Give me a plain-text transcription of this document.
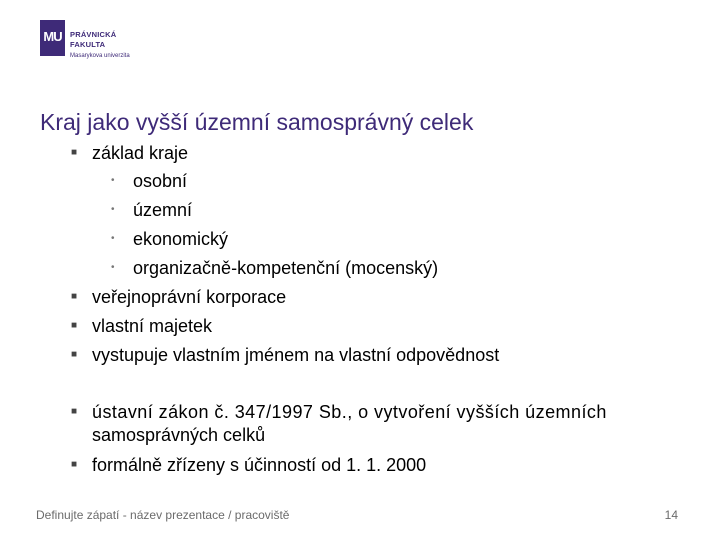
MU	PRÁVNICKÁ
FAKULTA
Masarykova univerzita
Kraj jako vyšší územní samosprávný celek
■ základ kraje
• osobní
• územní
• ekonomický
• organizačně-kompetenční (mocenský)
■ veřejnoprávní korporace
■ vlastní majetek
■ vystupuje vlastním jménem na vlastní odpovědnost
■ ústavní zákon č. 347/1997 Sb., o vytvoření vyšších územních
samosprávných celků
■ formálně zřízeny s účinností od 1. 1. 2000
Definujte zápatí - název prezentace / pracoviště	14
